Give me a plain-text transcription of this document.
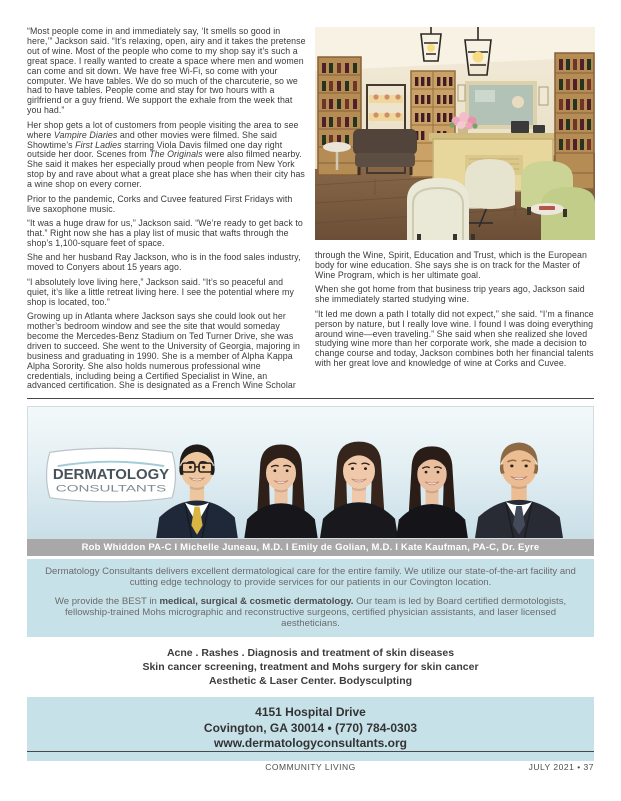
“Most people come in and immediately say, ‘It smells so good in here,’” Jackson said. “It’s relaxing, open, airy and it takes the pretense out of wine. Most of the people who come to my shop say it’s such a great space. I really wanted to create a space where men and women can come and sit down. We have free Wi-Fi, so come with your computer. We have tables. We do so much of the charcuterie, so we had to have tables. People come and stay for two hours with a girlfriend or a guy friend. We support the exhale from the week that you had.”

Her shop gets a lot of customers from people visiting the area to see where Vampire Diaries and other movies were filmed. She said Showtime’s First Ladies starring Viola Davis filmed one day right outside her door. Scenes from The Originals were also filmed nearby. She said it makes her especially proud when people from New York stop by and rave about what a great place she has when their city has a wine shop on every corner.

Prior to the pandemic, Corks and Cuvee featured First Fridays with live saxophone music.

“It was a huge draw for us,” Jackson said. “We’re ready to get back to that.” Right now she has a play list of music that wafts through the shop’s 1,100-square feet of space.

She and her husband Ray Jackson, who is in the food sales industry, moved to Conyers about 15 years ago.

“I absolutely love living here,” Jackson said. “It’s so peaceful and quiet, it’s like a little retreat living here. I see the potential where my shop is located, too.”

Growing up in Atlanta where Jackson says she could look out her mother’s bedroom window and see the site that would someday become the Mercedes-Benz Stadium on Ted Turner Drive, she was driven to succeed. She went to the University of Georgia, majoring in business and graduating in 1990. She is a member of Alpha Kappa Alpha Sorority. She also holds numerous professional wine credentials, including being a Certified Specialist in Wine, an advanced certification. She is designated as a French Wine Scholar

through the Wine, Spirit, Education and Trust, which is the European body for wine education. She says she is on track for the Master of Wine Program, which is her ultimate goal.

When she got home from that business trip years ago, Jackson said she immediately started studying wine.

“It led me down a path I totally did not expect,” she said. “I’m a finance person by nature, but I really love wine. I found I was doing everything around wine—even traveling.” She said when she realized she loved studying wine more than her corporate work, she made a decision to change course and today, Jackson combines both her financial talents with her great love and knowledge of wine at Corks and Cuvee.

DERMATOLOGY
CONSULTANTS
Rob Whiddon PA-C I Michelle Juneau, M.D. I Emily de Golian, M.D. I Kate Kaufman, PA-C, Dr. Eyre

Dermatology Consultants delivers excellent dermatological care for the entire family. We utilize our state-of-the-art facility and cutting edge technology to provide services for our patients in our Covington location.

We provide the BEST in medical, surgical & cosmetic dermatology. Our team is led by Board certified dermotologists, fellowship-trained Mohs micrographic and reconstructive surgeons, certified physician assistants, and laser licensed aestheticians.

Acne . Rashes . Diagnosis and treatment of skin diseases
Skin cancer screening, treatment and Mohs surgery for skin cancer
Aesthetic & Laser Center. Bodysculpting
4151 Hospital Drive
Covington, GA 30014 • (770) 784-0303
www.dermatologyconsultants.org
COMMUNITY LIVING	JULY 2021 • 37
